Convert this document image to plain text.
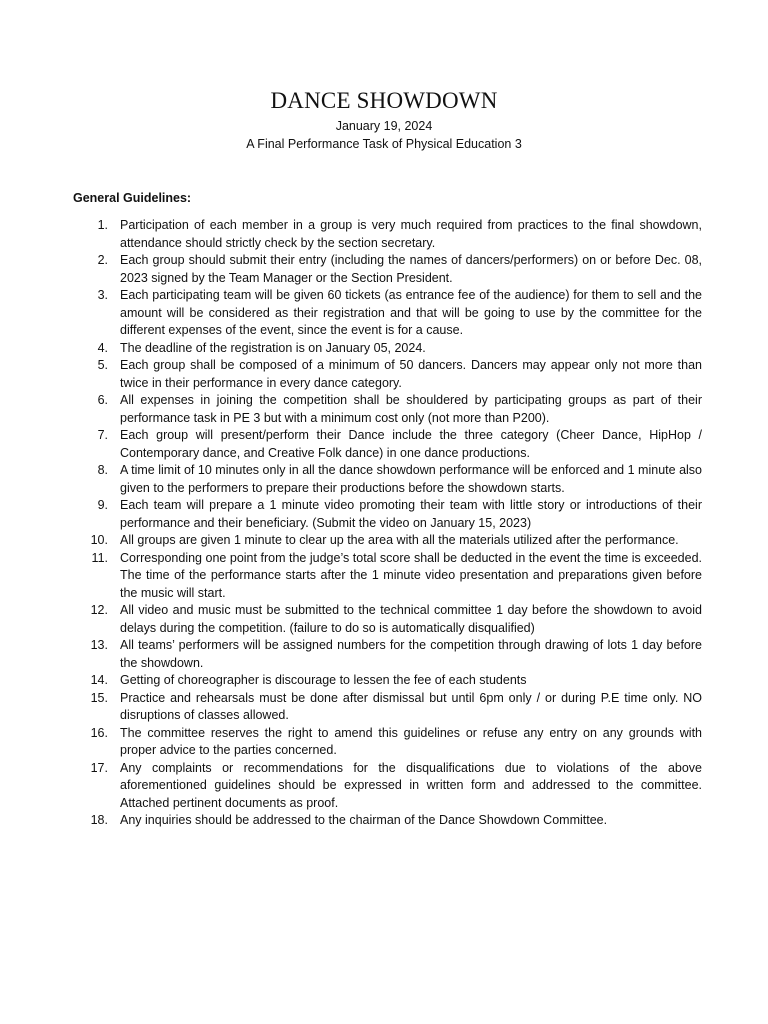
DANCE SHOWDOWN
January 19, 2024
A Final Performance Task of Physical Education 3
General Guidelines:
1. Participation of each member in a group is very much required from practices to the final showdown, attendance should strictly check by the section secretary.
2. Each group should submit their entry (including the names of dancers/performers) on or before Dec. 08, 2023 signed by the Team Manager or the Section President.
3. Each participating team will be given 60 tickets (as entrance fee of the audience) for them to sell and the amount will be considered as their registration and that will be going to use by the committee for the different expenses of the event, since the event is for a cause.
4. The deadline of the registration is on January 05, 2024.
5. Each group shall be composed of a minimum of 50 dancers. Dancers may appear only not more than twice in their performance in every dance category.
6. All expenses in joining the competition shall be shouldered by participating groups as part of their performance task in PE 3 but with a minimum cost only (not more than P200).
7. Each group will present/perform their Dance include the three category (Cheer Dance, HipHop / Contemporary dance, and Creative Folk dance) in one dance productions.
8. A time limit of 10 minutes only in all the dance showdown performance will be enforced and 1 minute also given to the performers to prepare their productions before the showdown starts.
9. Each team will prepare a 1 minute video promoting their team with little story or introductions of their performance and their beneficiary. (Submit the video on January 15, 2023)
10. All groups are given 1 minute to clear up the area with all the materials utilized after the performance.
11. Corresponding one point from the judge’s total score shall be deducted in the event the time is exceeded. The time of the performance starts after the 1 minute video presentation and preparations given before the music will start.
12. All video and music must be submitted to the technical committee 1 day before the showdown to avoid delays during the competition. (failure to do so is automatically disqualified)
13. All teams’ performers will be assigned numbers for the competition through drawing of lots 1 day before the showdown.
14. Getting of choreographer is discourage to lessen the fee of each students
15. Practice and rehearsals must be done after dismissal but until 6pm only / or during P.E time only. NO disruptions of classes allowed.
16. The committee reserves the right to amend this guidelines or refuse any entry on any grounds with proper advice to the parties concerned.
17. Any complaints or recommendations for the disqualifications due to violations of the above aforementioned guidelines should be expressed in written form and addressed to the committee. Attached pertinent documents as proof.
18. Any inquiries should be addressed to the chairman of the Dance Showdown Committee.
